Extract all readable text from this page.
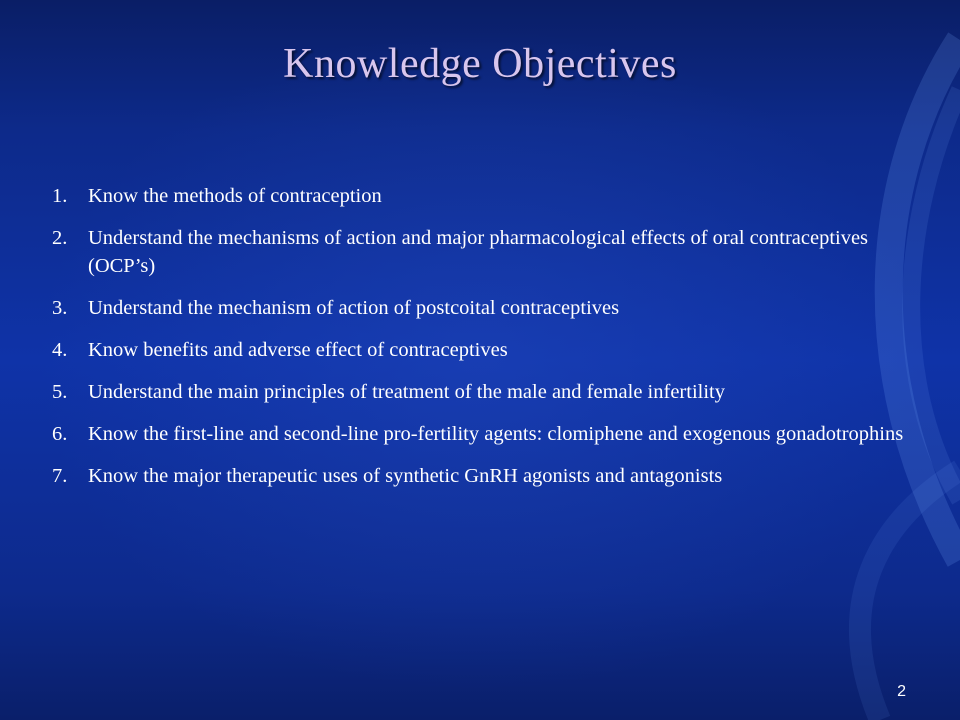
Knowledge Objectives
1.	Know the methods of contraception
2.	Understand the mechanisms of action and major pharmacological effects of oral contraceptives (OCP’s)
3.	Understand the mechanism of action of postcoital contraceptives
4.	Know benefits and adverse effect of contraceptives
5.	Understand the main principles of treatment of the male and female infertility
6.	Know the first-line and second-line pro-fertility agents: clomiphene and exogenous gonadotrophins
7.	Know the major therapeutic uses of synthetic GnRH agonists and antagonists
2
